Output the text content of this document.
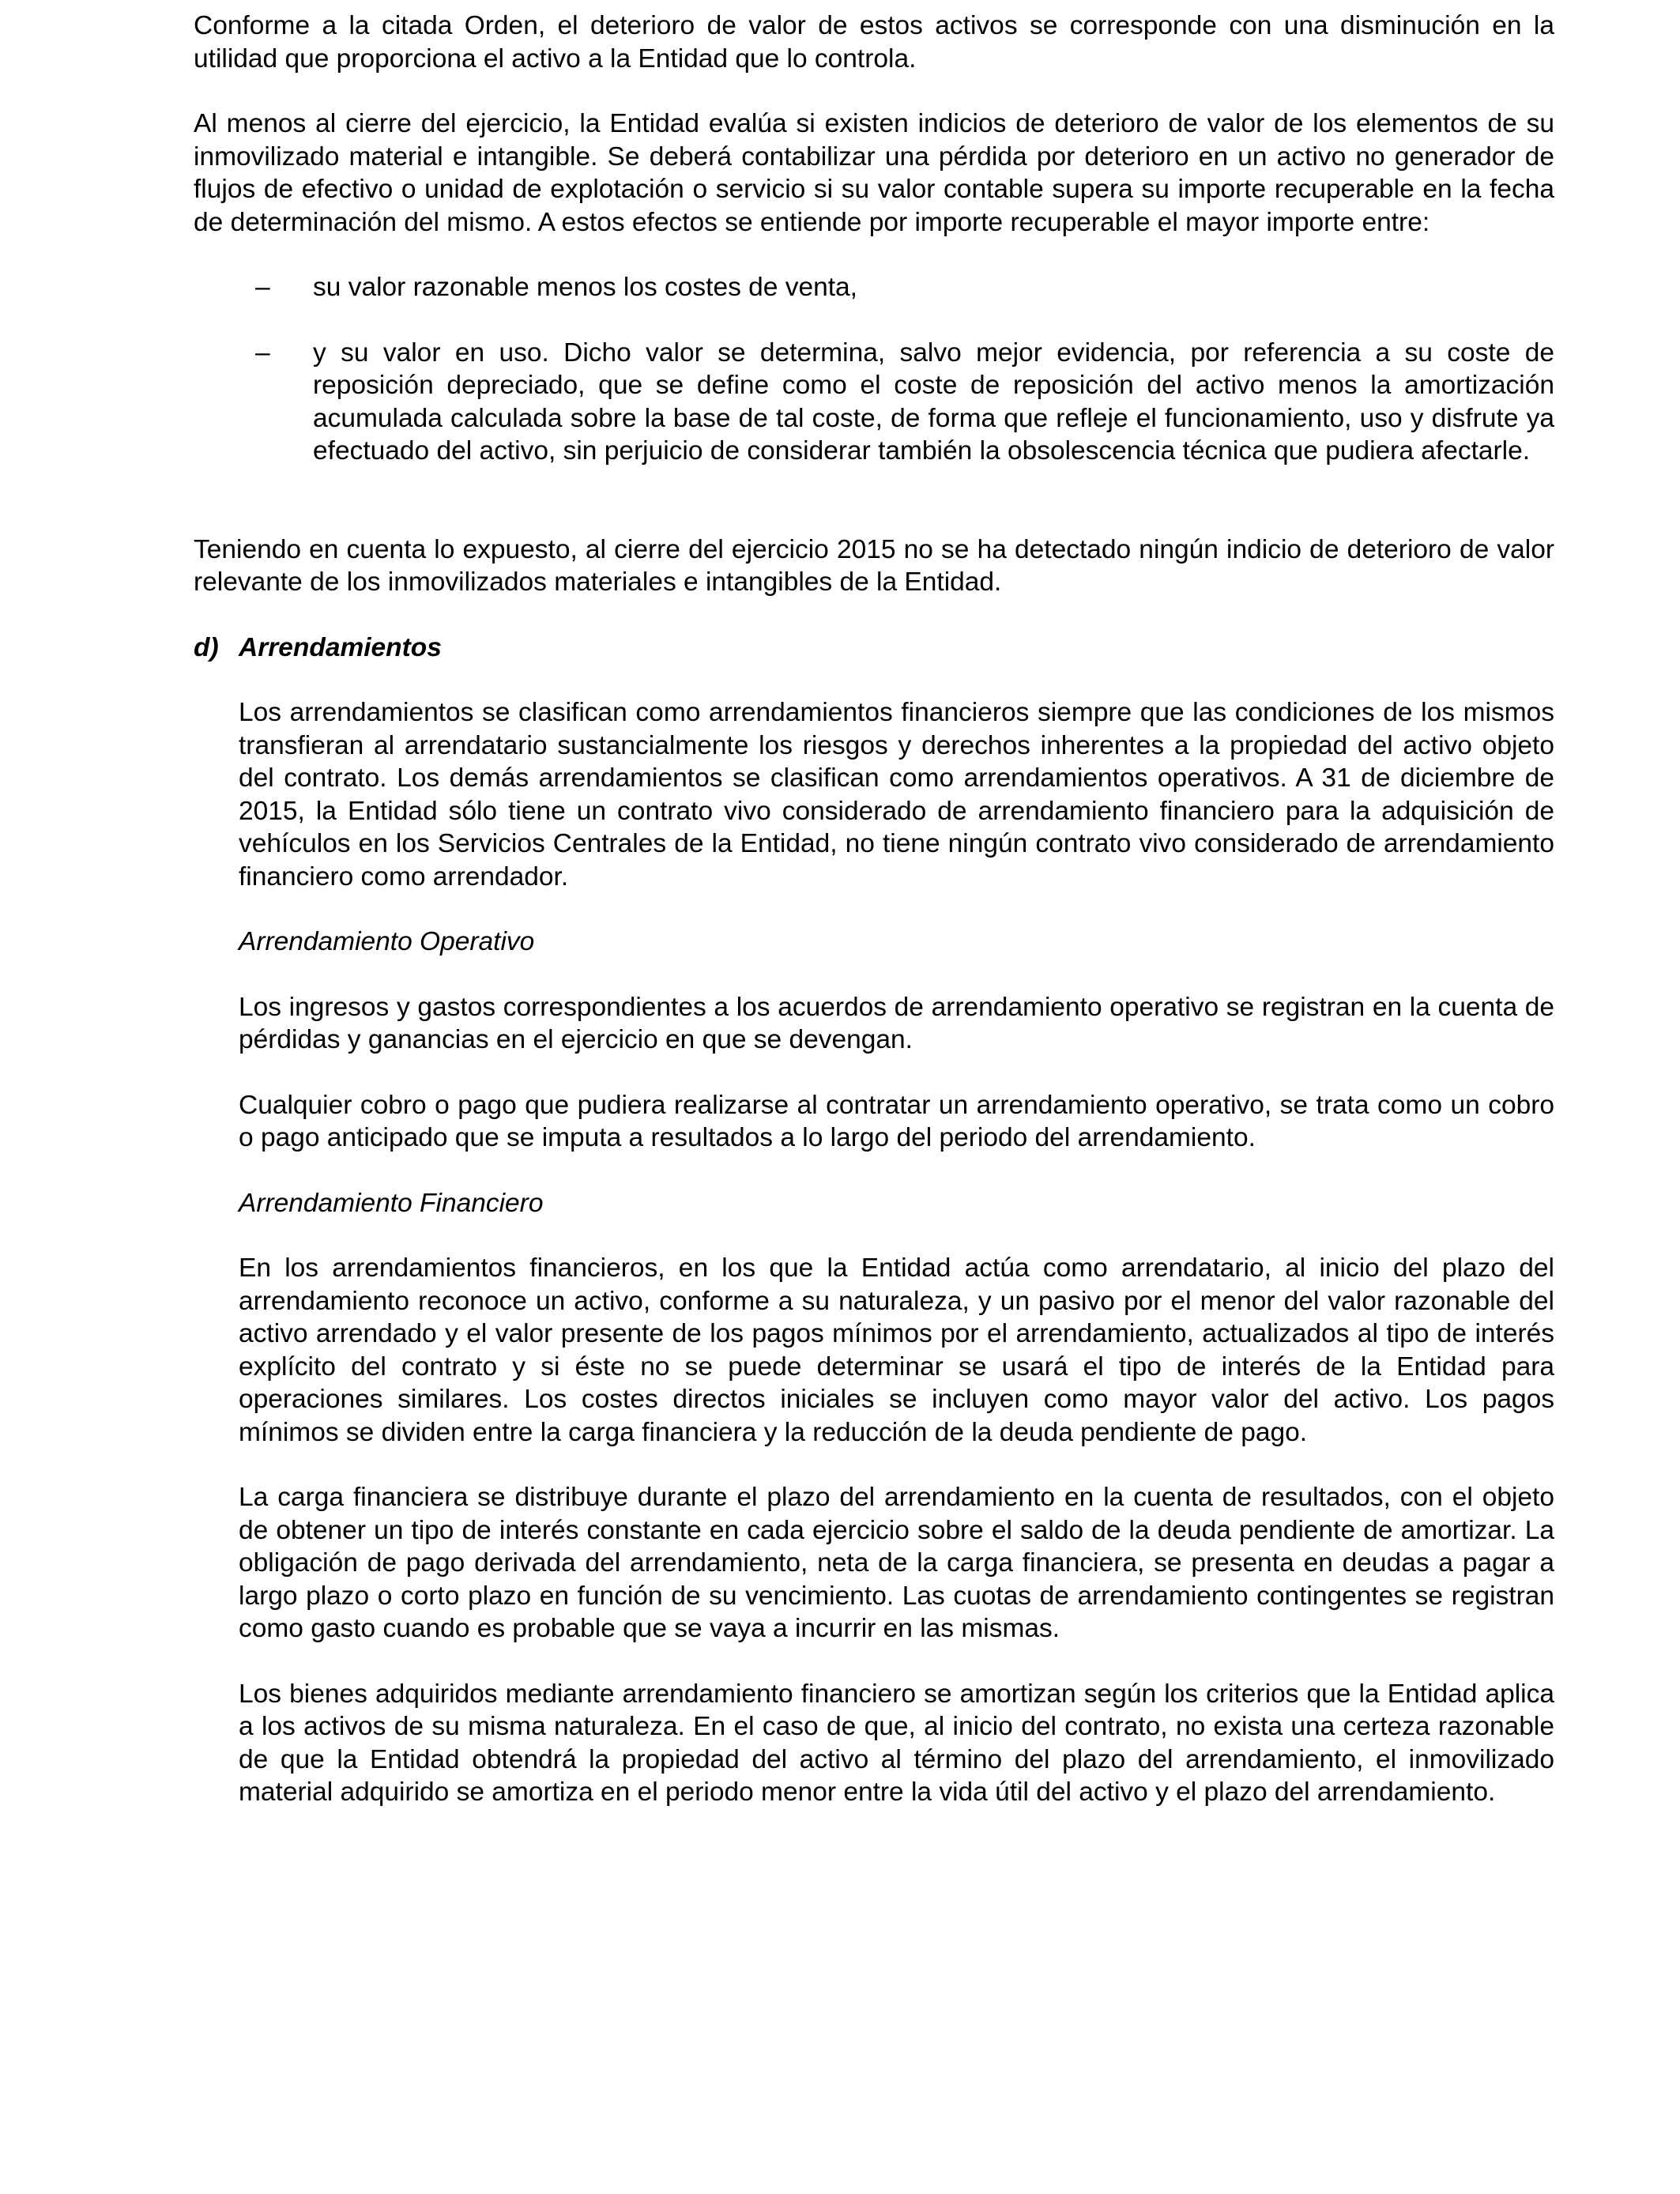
Conforme a la citada Orden, el deterioro de valor de estos activos se corresponde con una disminución en la utilidad que proporciona el activo a la Entidad que lo controla.

Al menos al cierre del ejercicio, la Entidad evalúa si existen indicios de deterioro de valor de los elementos de su inmovilizado material e intangible. Se deberá contabilizar una pérdida por deterioro en un activo no generador de flujos de efectivo o unidad de explotación o servicio si su valor contable supera su importe recuperable en la fecha de determinación del mismo. A estos efectos se entiende por importe recuperable el mayor importe entre:

– su valor razonable menos los costes de venta,
– y su valor en uso. Dicho valor se determina, salvo mejor evidencia, por referencia a su coste de reposición depreciado, que se define como el coste de reposición del activo menos la amortización acumulada calculada sobre la base de tal coste, de forma que refleje el funcionamiento, uso y disfrute ya efectuado del activo, sin perjuicio de considerar también la obsolescencia técnica que pudiera afectarle.

Teniendo en cuenta lo expuesto, al cierre del ejercicio 2015 no se ha detectado ningún indicio de deterioro de valor relevante de los inmovilizados materiales e intangibles de la Entidad.

d) Arrendamientos

Los arrendamientos se clasifican como arrendamientos financieros siempre que las condiciones de los mismos transfieran al arrendatario sustancialmente los riesgos y derechos inherentes a la propiedad del activo objeto del contrato. Los demás arrendamientos se clasifican como arrendamientos operativos. A 31 de diciembre de 2015, la Entidad sólo tiene un contrato vivo considerado de arrendamiento financiero para la adquisición de vehículos en los Servicios Centrales de la Entidad, no tiene ningún contrato vivo considerado de arrendamiento financiero como arrendador.

Arrendamiento Operativo

Los ingresos y gastos correspondientes a los acuerdos de arrendamiento operativo se registran en la cuenta de pérdidas y ganancias en el ejercicio en que se devengan.

Cualquier cobro o pago que pudiera realizarse al contratar un arrendamiento operativo, se trata como un cobro o pago anticipado que se imputa a resultados a lo largo del periodo del arrendamiento.

Arrendamiento Financiero

En los arrendamientos financieros, en los que la Entidad actúa como arrendatario, al inicio del plazo del arrendamiento reconoce un activo, conforme a su naturaleza, y un pasivo por el menor del valor razonable del activo arrendado y el valor presente de los pagos mínimos por el arrendamiento, actualizados al tipo de interés explícito del contrato y si éste no se puede determinar se usará el tipo de interés de la Entidad para operaciones similares. Los costes directos iniciales se incluyen como mayor valor del activo. Los pagos mínimos se dividen entre la carga financiera y la reducción de la deuda pendiente de pago.

La carga financiera se distribuye durante el plazo del arrendamiento en la cuenta de resultados, con el objeto de obtener un tipo de interés constante en cada ejercicio sobre el saldo de la deuda pendiente de amortizar. La obligación de pago derivada del arrendamiento, neta de la carga financiera, se presenta en deudas a pagar a largo plazo o corto plazo en función de su vencimiento. Las cuotas de arrendamiento contingentes se registran como gasto cuando es probable que se vaya a incurrir en las mismas.

Los bienes adquiridos mediante arrendamiento financiero se amortizan según los criterios que la Entidad aplica a los activos de su misma naturaleza. En el caso de que, al inicio del contrato, no exista una certeza razonable de que la Entidad obtendrá la propiedad del activo al término del plazo del arrendamiento, el inmovilizado material adquirido se amortiza en el periodo menor entre la vida útil del activo y el plazo del arrendamiento.
